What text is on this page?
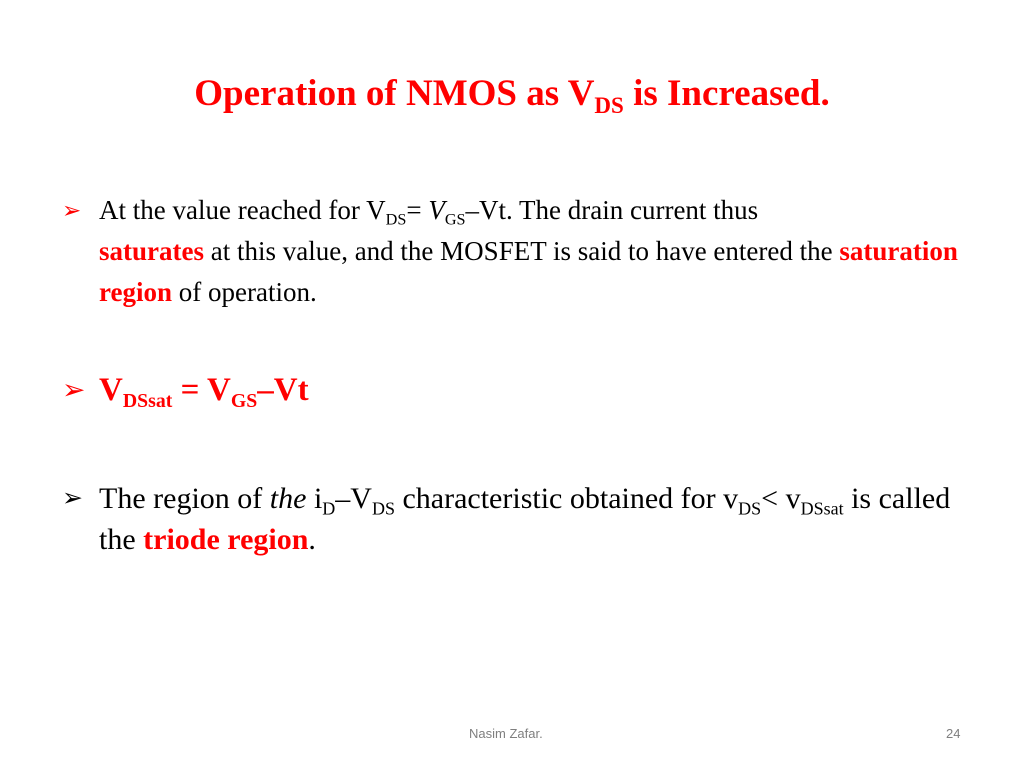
Operation of NMOS as $V_{DS}$ is Increased.
➢ At the value reached for $V_{DS}= V_{GS}-Vt$. The drain current thus
saturates at this value, and the MOSFET is said to have entered the saturation region of operation.
➢ $V_{DSsat} = V_{GS}-Vt$
➢ The region of the $i_D-V_{DS}$ characteristic obtained for $v_{DS}< v_{DSsat}$ is called the triode region.
Nasim Zafar.	24
